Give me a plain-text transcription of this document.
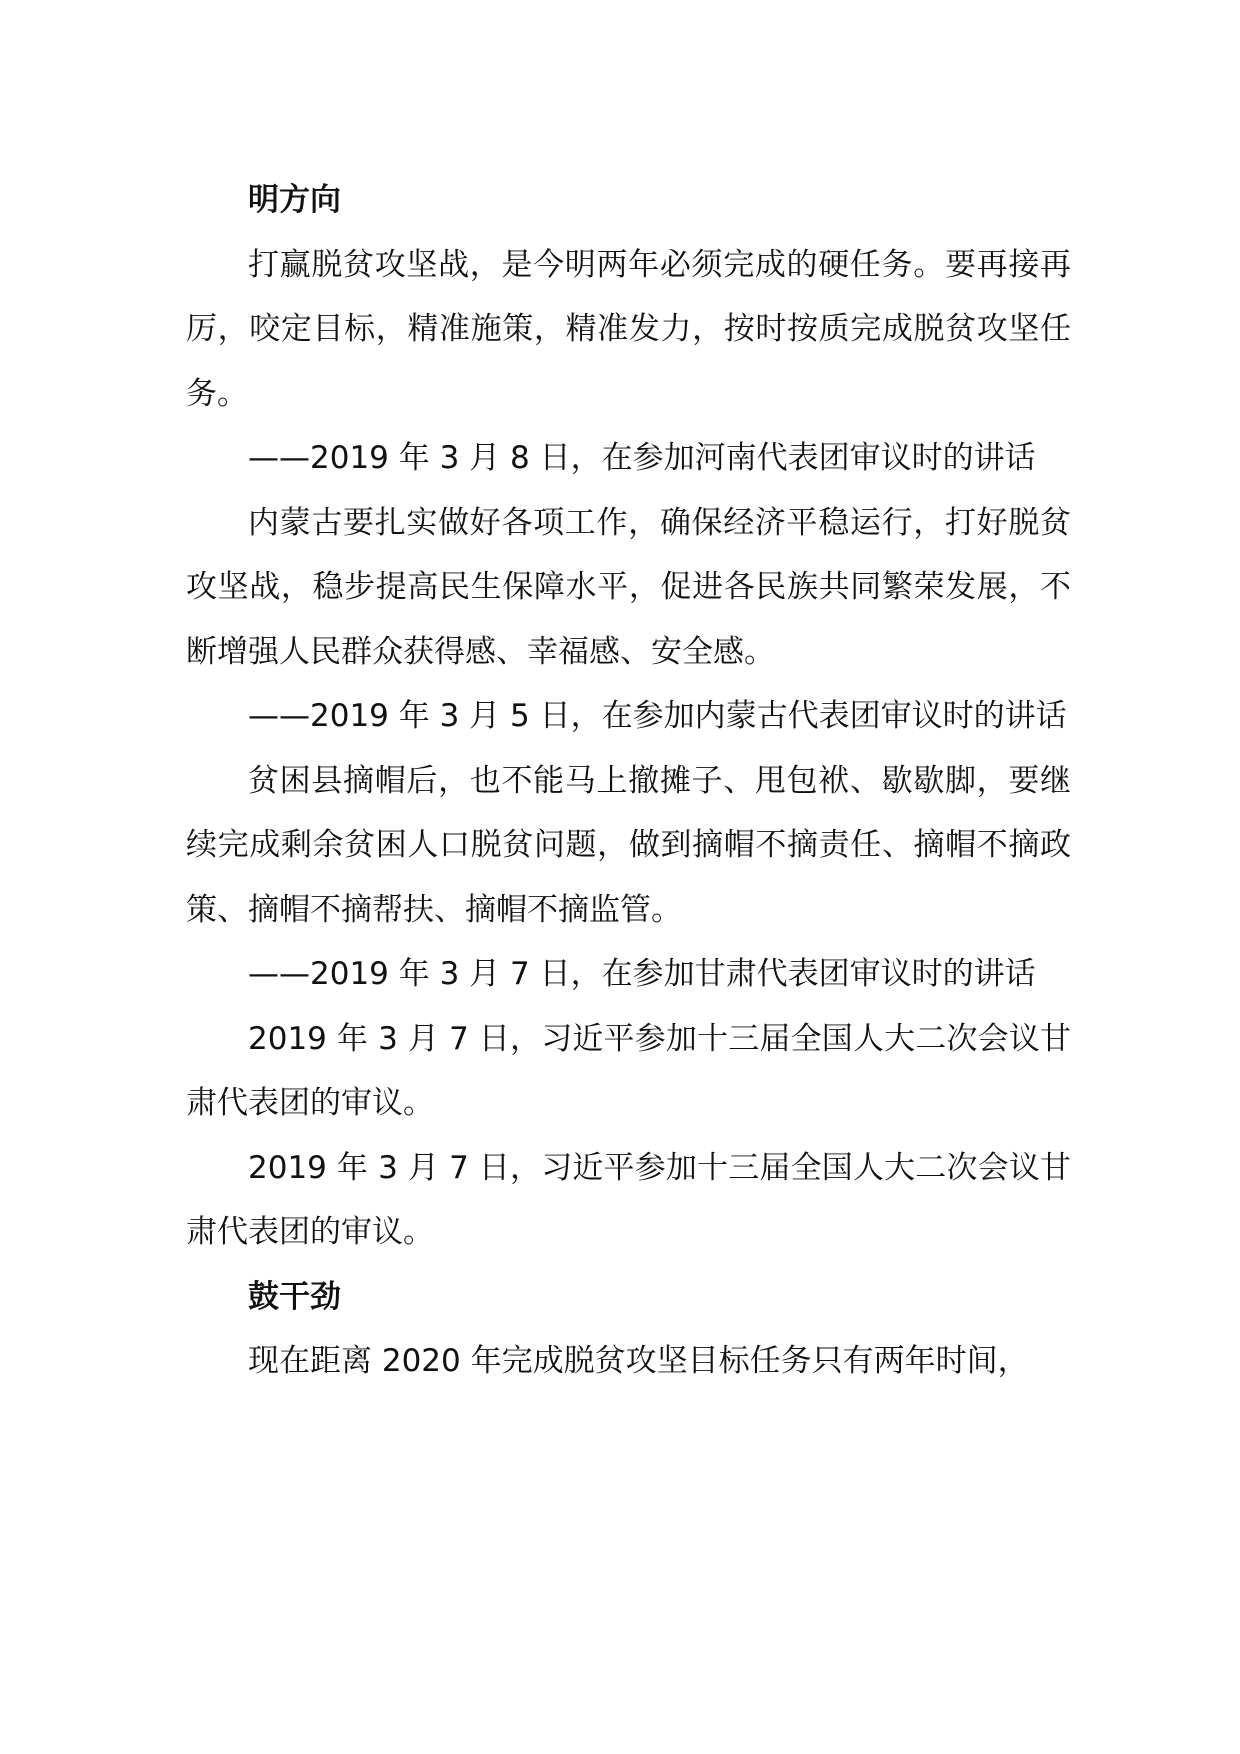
明方向

打赢脱贫攻坚战，是今明两年必须完成的硬任务。要再接再厉，咬定目标，精准施策，精准发力，按时按质完成脱贫攻坚任务。

——2019 年 3 月 8 日，在参加河南代表团审议时的讲话

内蒙古要扎实做好各项工作，确保经济平稳运行，打好脱贫攻坚战，稳步提高民生保障水平，促进各民族共同繁荣发展，不断增强人民群众获得感、幸福感、安全感。

——2019 年 3 月 5 日，在参加内蒙古代表团审议时的讲话

贫困县摘帽后，也不能马上撤摊子、甩包袱、歇歇脚，要继续完成剩余贫困人口脱贫问题，做到摘帽不摘责任、摘帽不摘政策、摘帽不摘帮扶、摘帽不摘监管。

——2019 年 3 月 7 日，在参加甘肃代表团审议时的讲话

2019 年 3 月 7 日，习近平参加十三届全国人大二次会议甘肃代表团的审议。

2019 年 3 月 7 日，习近平参加十三届全国人大二次会议甘肃代表团的审议。

鼓干劲

现在距离 2020 年完成脱贫攻坚目标任务只有两年时间，
